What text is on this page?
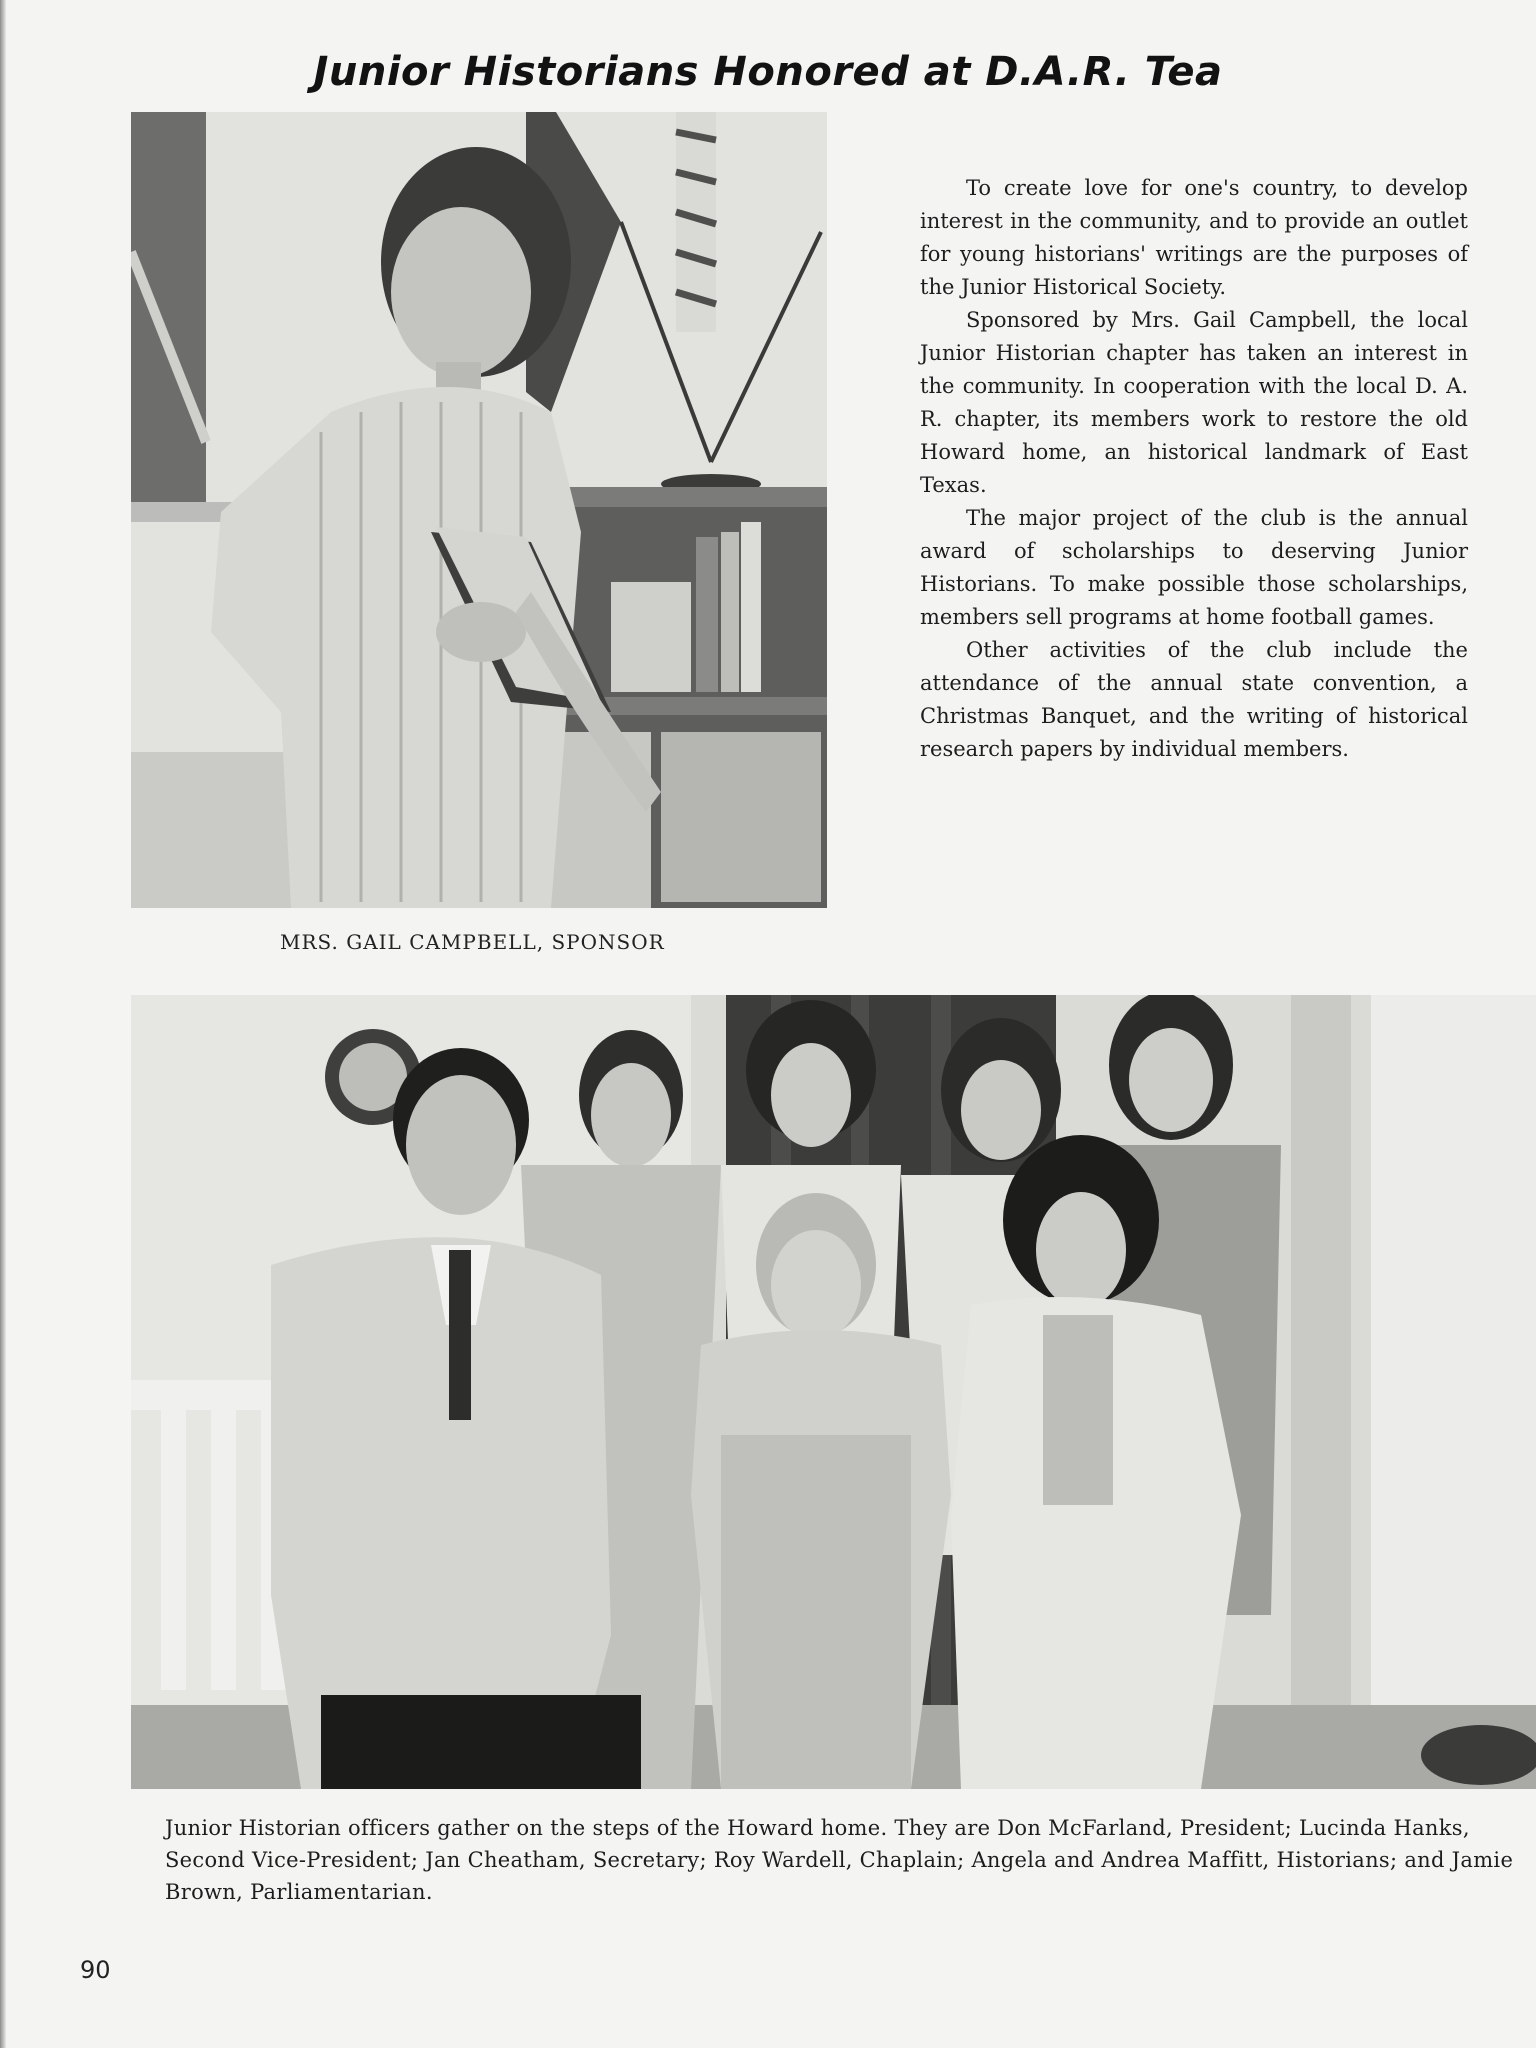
Junior Historians Honored at D.A.R. Tea
MRS. GAIL CAMPBELL, SPONSOR

To create love for one's country, to develop interest in the community, and to provide an outlet for young historians' writings are the purposes of the Junior Historical Society.

Sponsored by Mrs. Gail Campbell, the local Junior Historian chapter has taken an interest in the community. In cooperation with the local D. A. R. chapter, its members work to restore the old Howard home, an historical landmark of East Texas.

The major project of the club is the annual award of scholarships to deserving Junior Historians. To make possible those scholarships, members sell programs at home football games.

Other activities of the club include the attendance of the annual state convention, a Christmas Banquet, and the writing of historical research papers by individual members.

Junior Historian officers gather on the steps of the Howard home. They are Don McFarland, President; Lucinda Hanks, Second Vice-President; Jan Cheatham, Secretary; Roy Wardell, Chaplain; Angela and Andrea Maffitt, Historians; and Jamie Brown, Parliamentarian.
90
